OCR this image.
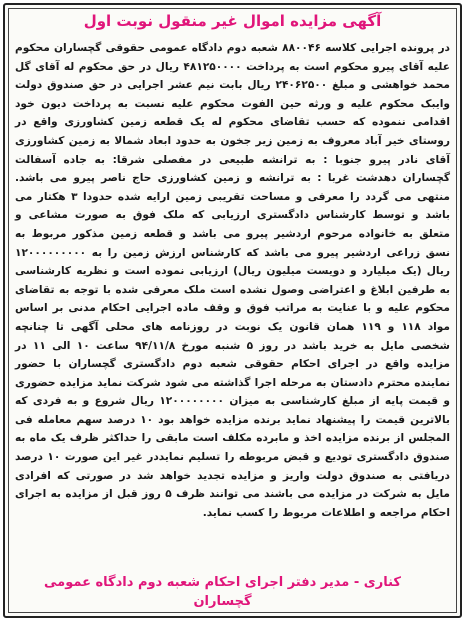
آگهی مزایده اموال غیر منقول نوبت اول
در پرونده اجرایی کلاسه ۸۸۰۰۴۶ شعبه دوم دادگاه عمومی حقوقی گچساران محکوم علیه آقای پیرو محکوم است به پرداخت ۴۸۱۲۵۰۰۰۰ ریال در حق محکوم له آقای گل محمد خواهشی و مبلغ ۲۴۰۶۲۵۰۰ ریال بابت نیم عشر اجرایی در حق صندوق دولت وایبک محکوم علیه و ورثه حین الفوت محکوم علیه نسبت به پرداخت دیون خود اقدامی ننموده که حسب تقاضای محکوم له یک قطعه زمین کشاورزی واقع در روستای خیر آباد معروف به زمین زیر جخون به حدود ابعاد شمالا به زمین کشاورزی آقای نادر پیرو جنوبا : به ترانشه طبیعی در مفصلی شرقا: به جاده آسفالت گچساران دهدشت غربا : به ترانشه و زمین کشاورزی حاج ناصر پیرو می باشد. منتهی می گردد را معرفی و مساحت تقریبی زمین ارایه شده حدودا ۳ هکتار می باشد و توسط کارشناس دادگستری ارزیابی که ملک فوق به صورت مشاعی و متعلق به خانواده مرحوم اردشیر پیرو می باشد و قطعه زمین مذکور مربوط به نسق زراعی اردشیر پیرو می باشد که کارشناس ارزش زمین را به ۱۲۰۰۰۰۰۰۰۰۰ ریال (یک میلیارد و دویست میلیون ریال) ارزیابی نموده است و نظریه کارشناسی به طرفین ابلاغ و اعتراضی وصول نشده است ملک معرفی شده با توجه به تقاضای محکوم علیه و با عنایت به مراتب فوق و وقف ماده اجرایی احکام مدنی بر اساس مواد ۱۱۸ و ۱۱۹ همان قانون یک نوبت در روزنامه های محلی آگهی تا چنانچه شخصی مایل به خرید باشد در روز ۵ شنبه مورخ ۹۴/۱۱/۸ ساعت ۱۰ الی ۱۱ در مزایده واقع در اجرای احکام حقوقی شعبه دوم دادگستری گچساران با حضور نماینده محترم دادستان به مرحله اجرا گذاشته می شود شرکت نماید مزایده حضوری و قیمت پایه از مبلغ کارشناسی به میزان ۱۲۰۰۰۰۰۰۰۰ ریال شروع و به فردی که بالاترین قیمت را پیشنهاد نماید برنده مزایده خواهد بود ۱۰ درصد سهم معامله فی المجلس از برنده مزایده اخذ و مابرده مکلف است مابقی را حداکثر ظرف یک ماه به صندوق دادگستری تودیع و قبض مربوطه را تسلیم نمایددر غیر این صورت ۱۰ درصد دریافتی به صندوق دولت واریز و مزایده تجدید خواهد شد در صورتی که افرادی مایل به شرکت در مزایده می باشند می توانند ظرف ۵ روز قبل از مزایده به اجرای احکام مراجعه و اطلاعات مربوط را کسب نماید.
کناری - مدیر دفتر اجرای احکام شعبه دوم دادگاه عمومی
گچساران
